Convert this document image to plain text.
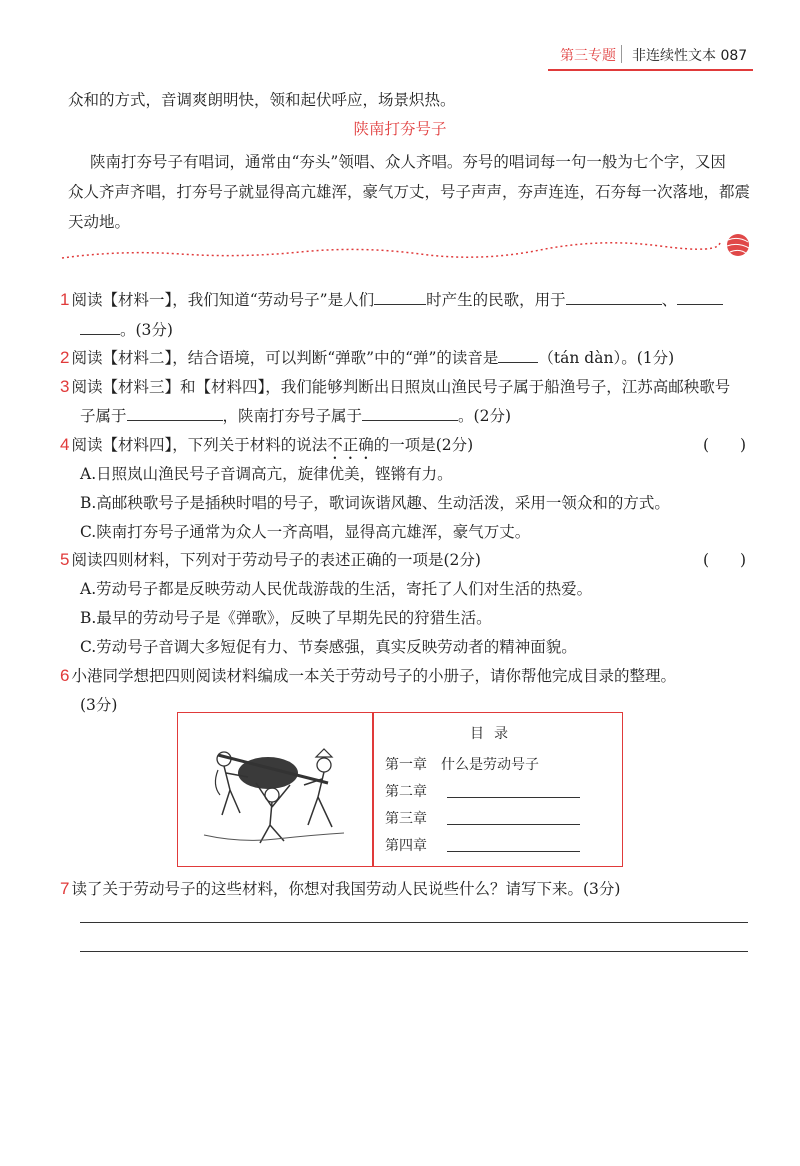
第三专题 非连续性文本 087
众和的方式，音调爽朗明快，领和起伏呼应，场景炽热。
陕南打夯号子
陕南打夯号子有唱词，通常由“夯头”领唱、众人齐唱。夯号的唱词每一句一般为七个字，又因
众人齐声齐唱，打夯号子就显得高亢雄浑，豪气万丈，号子声声，夯声连连，石夯每一次落地，都震
天动地。
1 阅读【材料一】，我们知道“劳动号子”是人们	时产生的民歌，用于	、
。(3分)
2 阅读【材料二】，结合语境，可以判断“弹歌”中的“弹”的读音是	（tán dàn）。(1分)
3 阅读【材料三】和【材料四】，我们能够判断出日照岚山渔民号子属于船渔号子，江苏高邮秧歌号
子属于	，陕南打夯号子属于	。(2分)
4 阅读【材料四】，下列关于材料的说法不正确的一项是(2分)	(　　)
A.日照岚山渔民号子音调高亢，旋律优美，铿锵有力。
B.高邮秧歌号子是插秧时唱的号子，歌词诙谐风趣、生动活泼，采用一领众和的方式。
C.陕南打夯号子通常为众人一齐高唱，显得高亢雄浑，豪气万丈。
5 阅读四则材料，下列对于劳动号子的表述正确的一项是(2分)	(　　)
A.劳动号子都是反映劳动人民优哉游哉的生活，寄托了人们对生活的热爱。
B.最早的劳动号子是《弹歌》，反映了早期先民的狩猎生活。
C.劳动号子音调大多短促有力、节奏感强，真实反映劳动者的精神面貌。
6 小港同学想把四则阅读材料编成一本关于劳动号子的小册子，请你帮他完成目录的整理。
(3分)
目录
第一章 什么是劳动号子
第二章
第三章
第四章
7 读了关于劳动号子的这些材料，你想对我国劳动人民说些什么？请写下来。(3分)
